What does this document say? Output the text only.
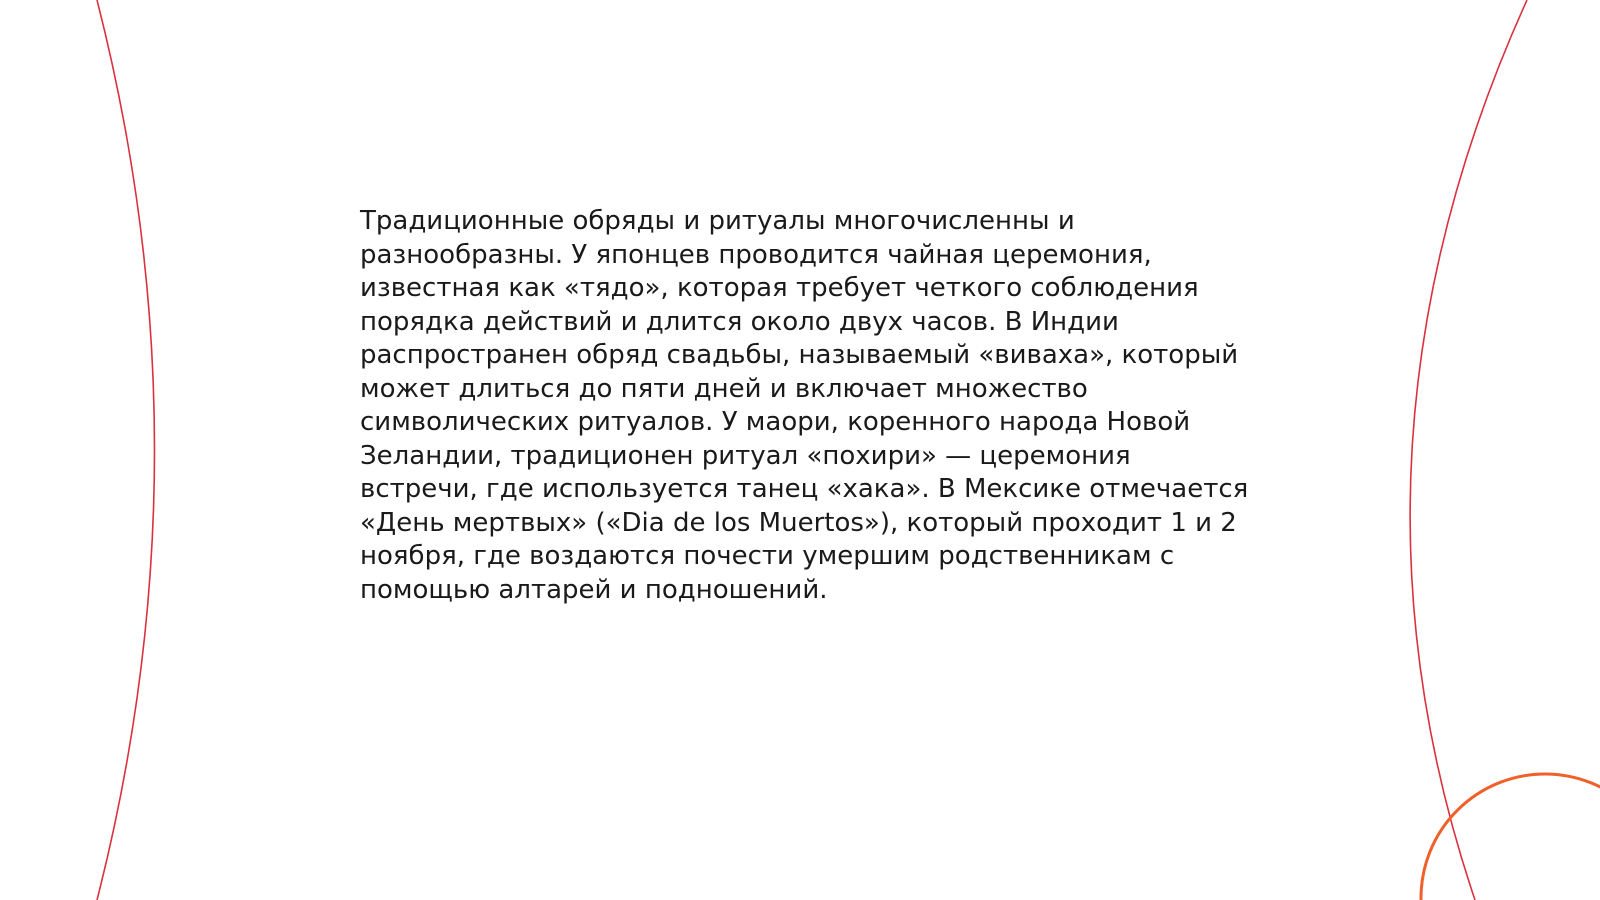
Традиционные обряды и ритуалы многочисленны и
разнообразны. У японцев проводится чайная церемония,
известная как «тядо», которая требует четкого соблюдения
порядка действий и длится около двух часов. В Индии
распространен обряд свадьбы, называемый «виваха», который
может длиться до пяти дней и включает множество
символических ритуалов. У маори, коренного народа Новой
Зеландии, традиционен ритуал «похири» — церемония
встречи, где используется танец «хака». В Мексике отмечается
«День мертвых» («Dia de los Muertos»), который проходит 1 и 2
ноября, где воздаются почести умершим родственникам с
помощью алтарей и подношений.
